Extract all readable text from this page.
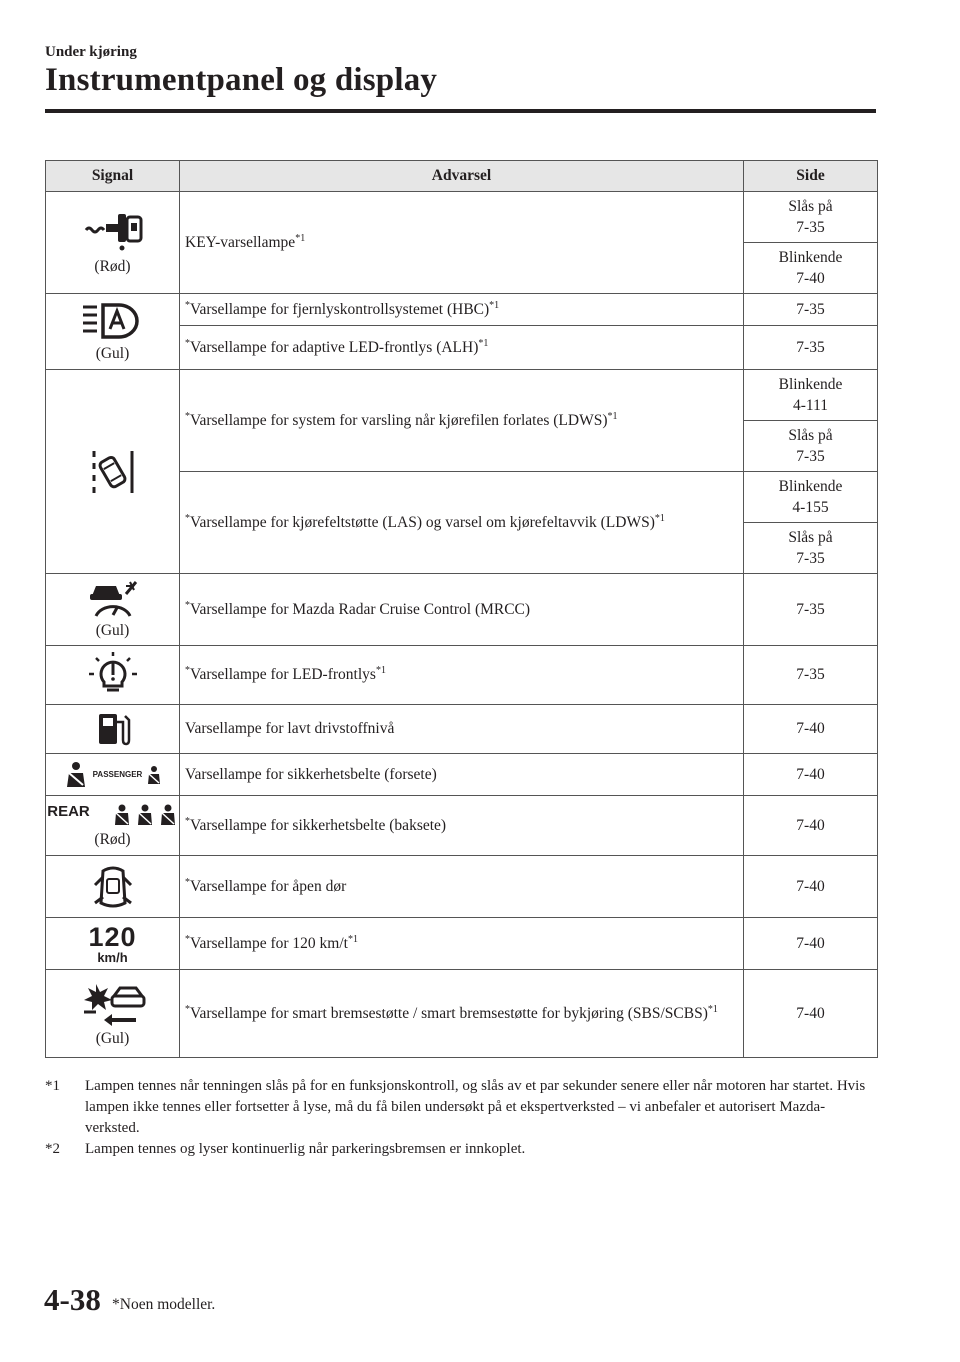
Under kjøring
Instrumentpanel og display
Signal	Advarsel	Side

(Rød)	KEY-varsellampe$^{*1}$	Slås på
7-35
		Blinkende
7-40

(Gul)	*Varsellampe for fjernlyskontrollsystemet (HBC)$^{*1}$	7-35
	*Varsellampe for adaptive LED-frontlys (ALH)$^{*1}$	7-35

	*Varsellampe for system for varsling når kjørefilen forlates (LDWS)$^{*1}$	Blinkende
4-111
		Slås på
7-35
	*Varsellampe for kjørefeltstøtte (LAS) og varsel om kjørefeltavvik (LDWS)$^{*1}$	Blinkende
4-155
		Slås på
7-35

(Gul)	*Varsellampe for Mazda Radar Cruise Control (MRCC)	7-35

	*Varsellampe for LED-frontlys$^{*1}$	7-35

	Varsellampe for lavt drivstoffnivå	7-40

PASSENGER	Varsellampe for sikkerhetsbelte (forsete)	7-40

REAR
(Rød)	*Varsellampe for sikkerhetsbelte (baksete)	7-40

	*Varsellampe for åpen dør	7-40

120
km/h	*Varsellampe for 120 $km/t^{*1}$	7-40

(Gul)	*Varsellampe for smart bremsestøtte / smart bremsestøtte for bykjøring (SBS/SCBS)$^{*1}$	7-40
*1 Lampen tennes når tenningen slås på for en funksjonskontroll, og slås av et par sekunder senere eller når motoren har startet. Hvis lampen ikke tennes eller fortsetter å lyse, må du få bilen undersøkt på et ekspertverksted – vi anbefaler et autorisert Mazda-verksted.
*2 Lampen tennes og lyser kontinuerlig når parkeringsbremsen er innkoplet.
4-38 *Noen modeller.
